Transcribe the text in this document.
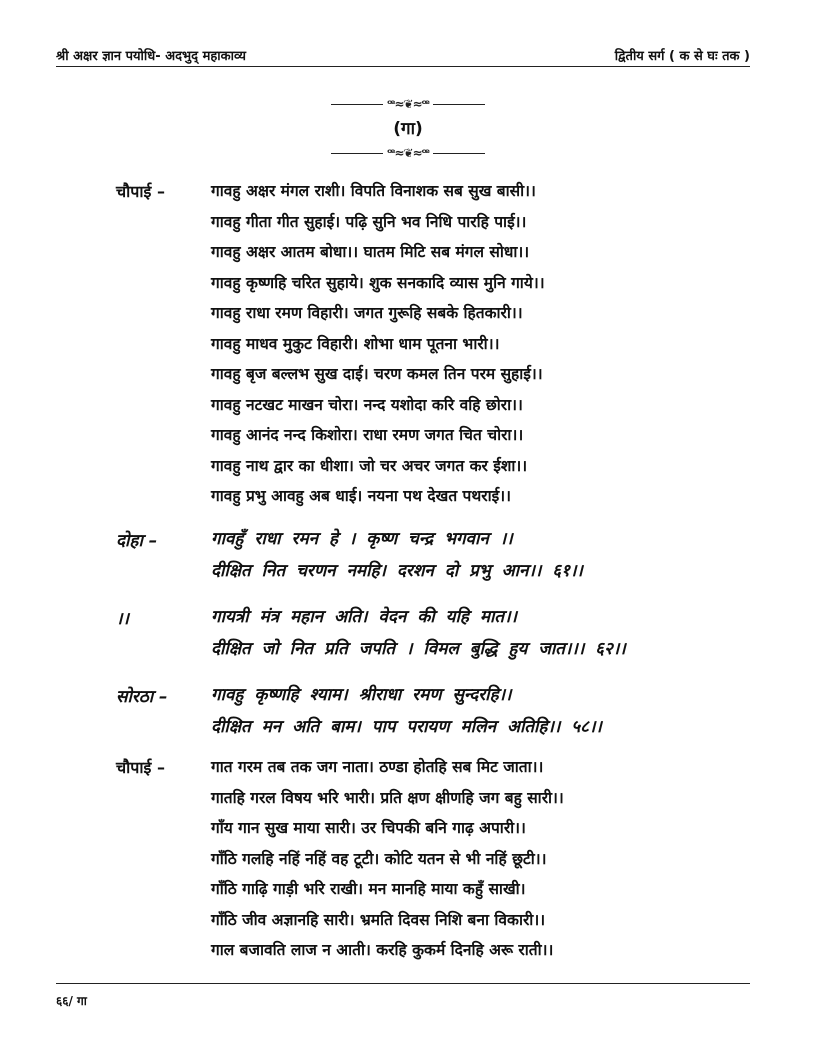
श्री अक्षर ज्ञान पयोधि- अदभुद् महाकाव्य	द्वितीय सर्ग ( क से घः तक )
ꟹ≈❦≈ꟹ
(गा)
ꟹ≈❦≈ꟹ
चौपाई –	गावहु अक्षर मंगल राशी। विपति विनाशक सब सुख बासी।।
गावहु गीता गीत सुहाई। पढ़ि सुनि भव निधि पारहि पाई।।
गावहु अक्षर आतम बोधा।। घातम मिटि सब मंगल सोधा।।
गावहु कृष्णहि चरित सुहाये। शुक सनकादि व्यास मुनि गाये।।
गावहु राधा रमण विहारी। जगत गुरूहि सबके हितकारी।।
गावहु माधव मुकुट विहारी। शोभा धाम पूतना भारी।।
गावहु बृज बल्लभ सुख दाई। चरण कमल तिन परम सुहाई।।
गावहु नटखट माखन चोरा। नन्द यशोदा करि वहि छोरा।।
गावहु आनंद नन्द किशोरा। राधा रमण जगत चित चोरा।।
गावहु नाथ द्वार का धीशा। जो चर अचर जगत कर ईशा।।
गावहु प्रभु आवहु अब धाई। नयना पथ देखत पथराई।।
दोहा –	गावहुँ राधा रमन हे । कृष्ण चन्द्र भगवान ।।
दीक्षित नित चरणन नमहि। दरशन दो प्रभु आन।। ६१।।
।।	गायत्री मंत्र महान अति। वेदन की यहि मात।।
दीक्षित जो नित प्रति जपति । विमल बुद्धि हुय जात।।। ६२।।
सोरठा –	गावहु कृष्णहि श्याम। श्रीराधा रमण सुन्दरहि।।
दीक्षित मन अति बाम। पाप परायण मलिन अतिहि।। ५८।।
चौपाई –	गात गरम तब तक जग नाता। ठण्डा होतहि सब मिट जाता।।
गातहि गरल विषय भरि भारी। प्रति क्षण क्षीणहि जग बहु सारी।।
गाँय गान सुख माया सारी। उर चिपकी बनि गाढ़ अपारी।।
गाँठि गलहि नहिं नहिं वह टूटी। कोटि यतन से भी नहिं छूटी।।
गाँठि गाढ़ि गाड़ी भरि राखी। मन मानहि माया कहुँ साखी।
गाँठि जीव अज्ञानहि सारी। भ्रमति दिवस निशि बना विकारी।।
गाल बजावति लाज न आती। करहि कुकर्म दिनहि अरू राती।।
६६/ गा
